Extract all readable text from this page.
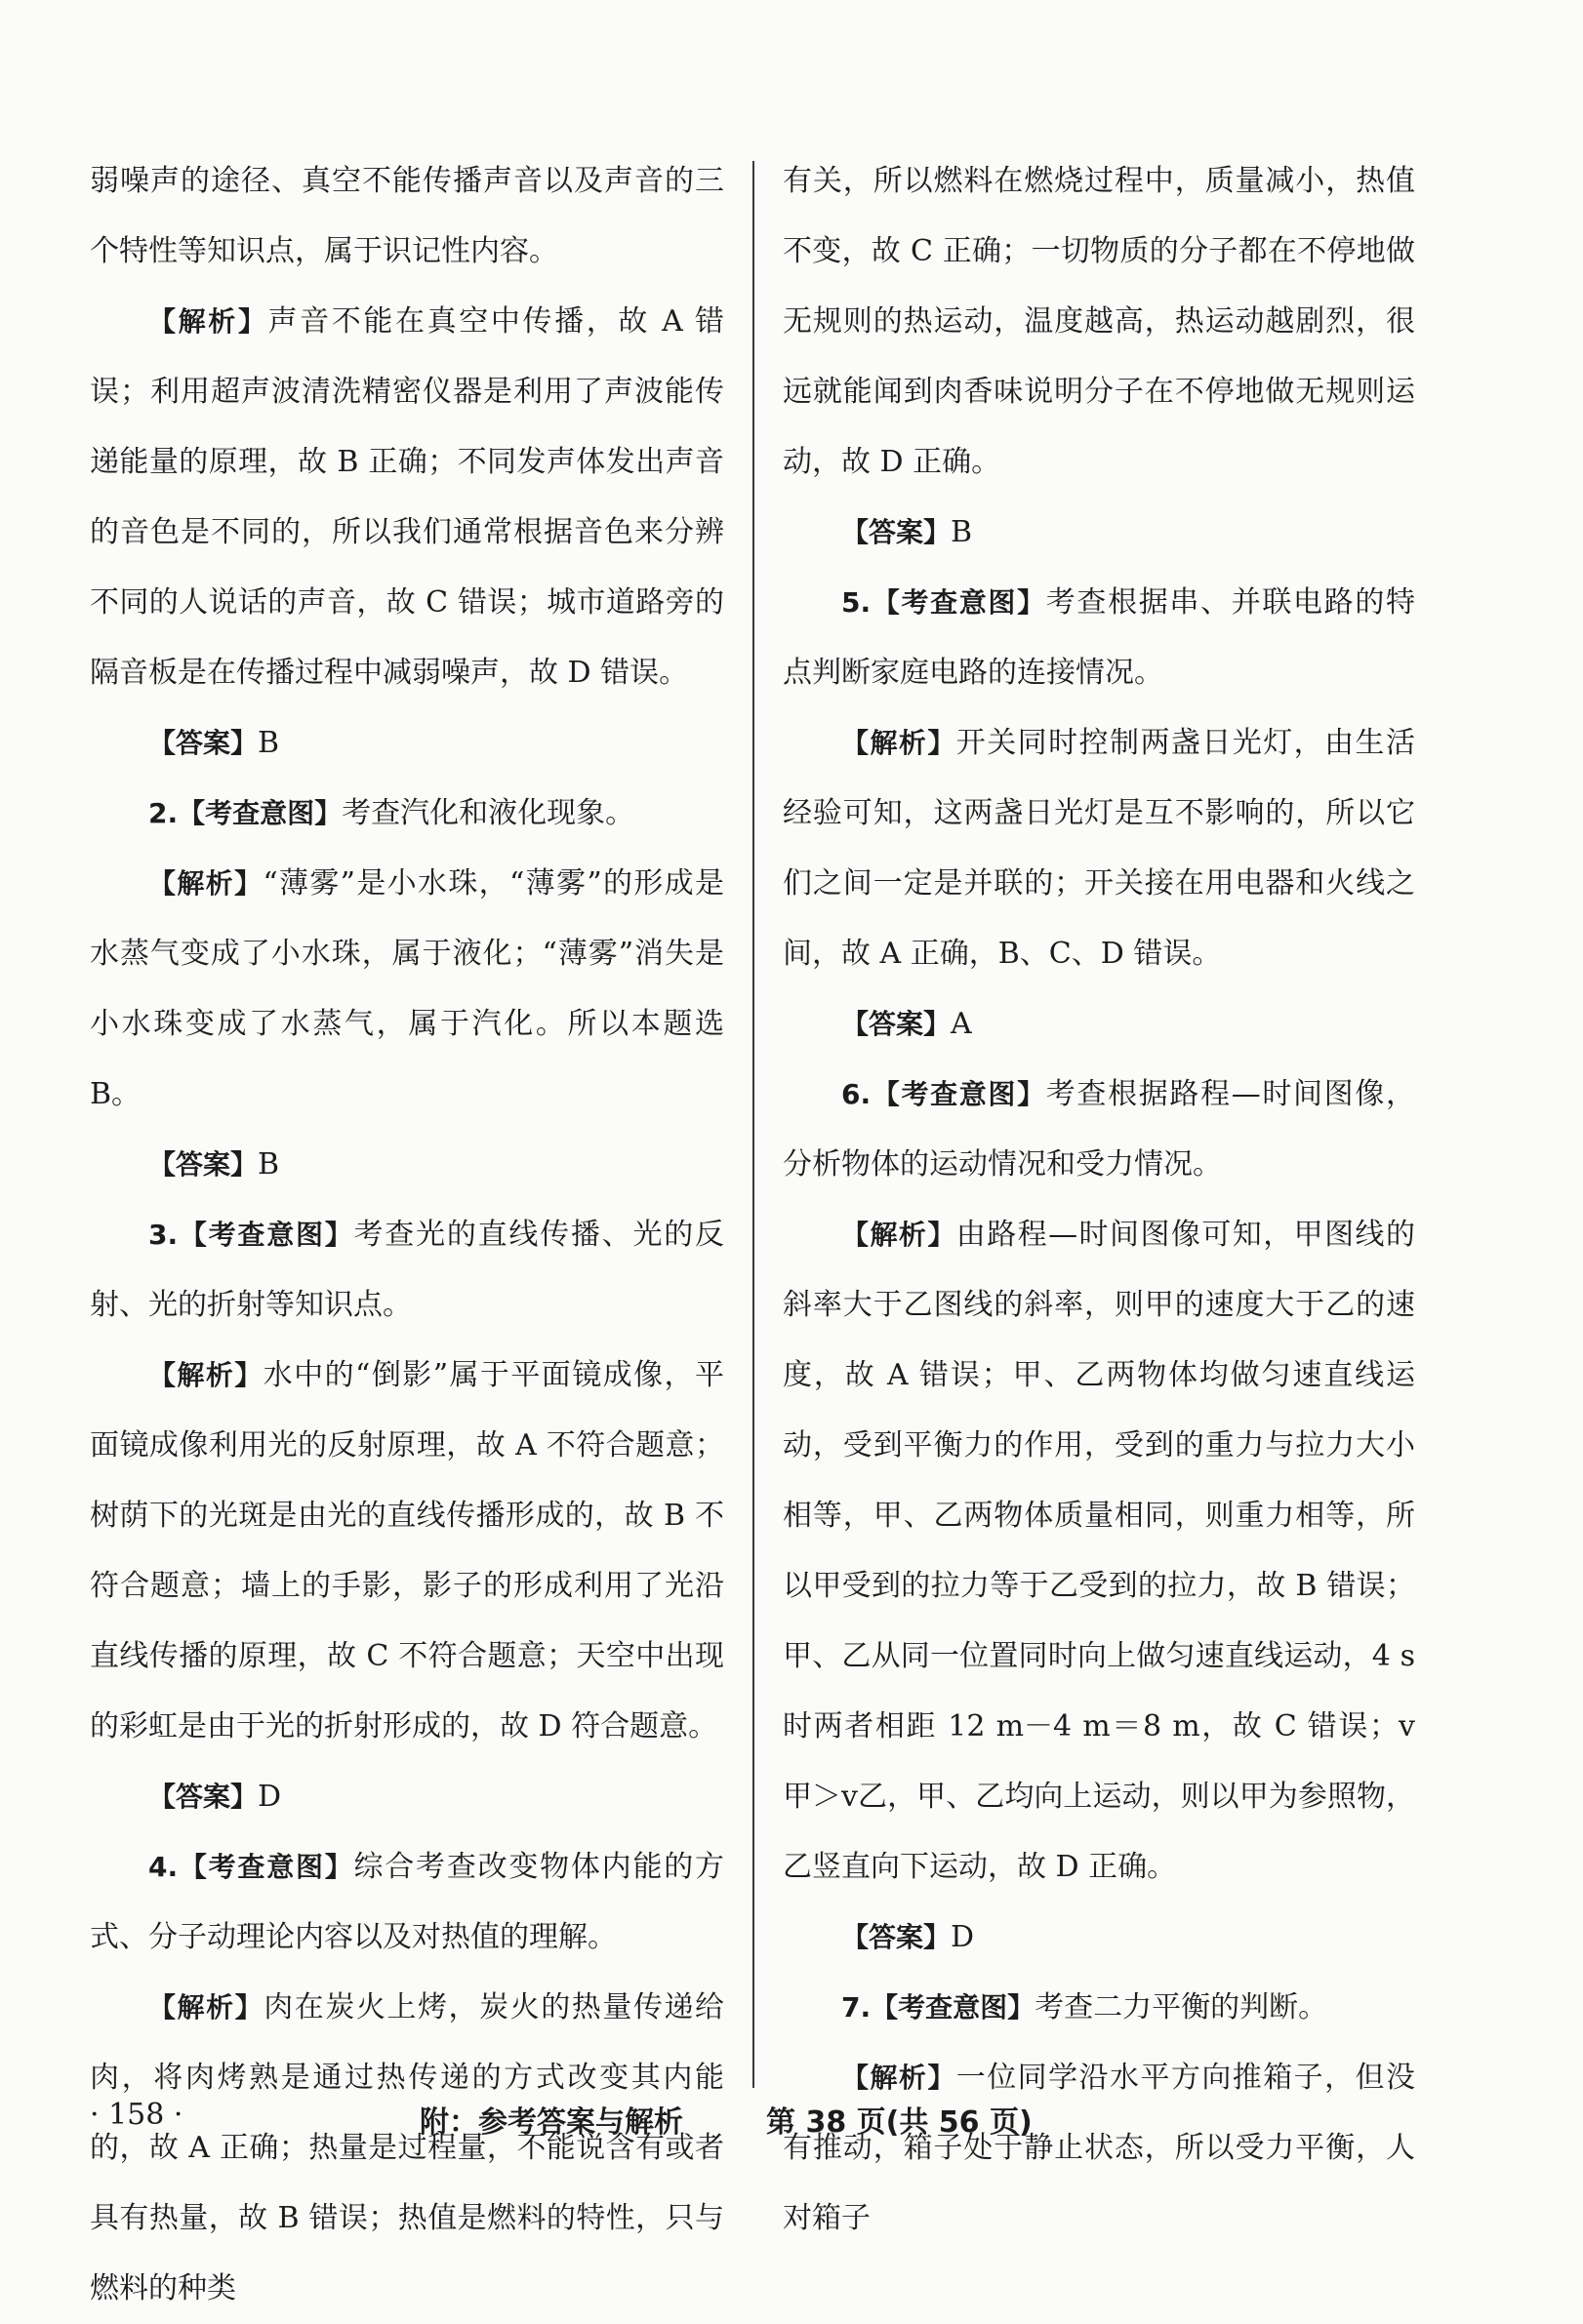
弱噪声的途径、真空不能传播声音以及声音的三个特性等知识点，属于识记性内容。

【解析】声音不能在真空中传播，故 A 错误；利用超声波清洗精密仪器是利用了声波能传递能量的原理，故 B 正确；不同发声体发出声音的音色是不同的，所以我们通常根据音色来分辨不同的人说话的声音，故 C 错误；城市道路旁的隔音板是在传播过程中减弱噪声，故 D 错误。

【答案】B

2.【考查意图】考查汽化和液化现象。

【解析】“薄雾”是小水珠，“薄雾”的形成是水蒸气变成了小水珠，属于液化；“薄雾”消失是小水珠变成了水蒸气，属于汽化。所以本题选 B。

【答案】B

3.【考查意图】考查光的直线传播、光的反射、光的折射等知识点。

【解析】水中的“倒影”属于平面镜成像，平面镜成像利用光的反射原理，故 A 不符合题意；树荫下的光斑是由光的直线传播形成的，故 B 不符合题意；墙上的手影，影子的形成利用了光沿直线传播的原理，故 C 不符合题意；天空中出现的彩虹是由于光的折射形成的，故 D 符合题意。

【答案】D

4.【考查意图】综合考查改变物体内能的方式、分子动理论内容以及对热值的理解。

【解析】肉在炭火上烤，炭火的热量传递给肉，将肉烤熟是通过热传递的方式改变其内能的，故 A 正确；热量是过程量，不能说含有或者具有热量，故 B 错误；热值是燃料的特性，只与燃料的种类

有关，所以燃料在燃烧过程中，质量减小，热值不变，故 C 正确；一切物质的分子都在不停地做无规则的热运动，温度越高，热运动越剧烈，很远就能闻到肉香味说明分子在不停地做无规则运动，故 D 正确。

【答案】B

5.【考查意图】考查根据串、并联电路的特点判断家庭电路的连接情况。

【解析】开关同时控制两盏日光灯，由生活经验可知，这两盏日光灯是互不影响的，所以它们之间一定是并联的；开关接在用电器和火线之间，故 A 正确，B、C、D 错误。

【答案】A

6.【考查意图】考查根据路程—时间图像，分析物体的运动情况和受力情况。

【解析】由路程—时间图像可知，甲图线的斜率大于乙图线的斜率，则甲的速度大于乙的速度，故 A 错误；甲、乙两物体均做匀速直线运动，受到平衡力的作用，受到的重力与拉力大小相等，甲、乙两物体质量相同，则重力相等，所以甲受到的拉力等于乙受到的拉力，故 B 错误；甲、乙从同一位置同时向上做匀速直线运动，4 s 时两者相距 12 m－4 m＝8 m，故 C 错误；v甲＞v乙，甲、乙均向上运动，则以甲为参照物，乙竖直向下运动，故 D 正确。

【答案】D

7.【考查意图】考查二力平衡的判断。

【解析】一位同学沿水平方向推箱子，但没有推动，箱子处于静止状态，所以受力平衡，人对箱子

· 158 ·	附：参考答案与解析	第 38 页(共 56 页)
